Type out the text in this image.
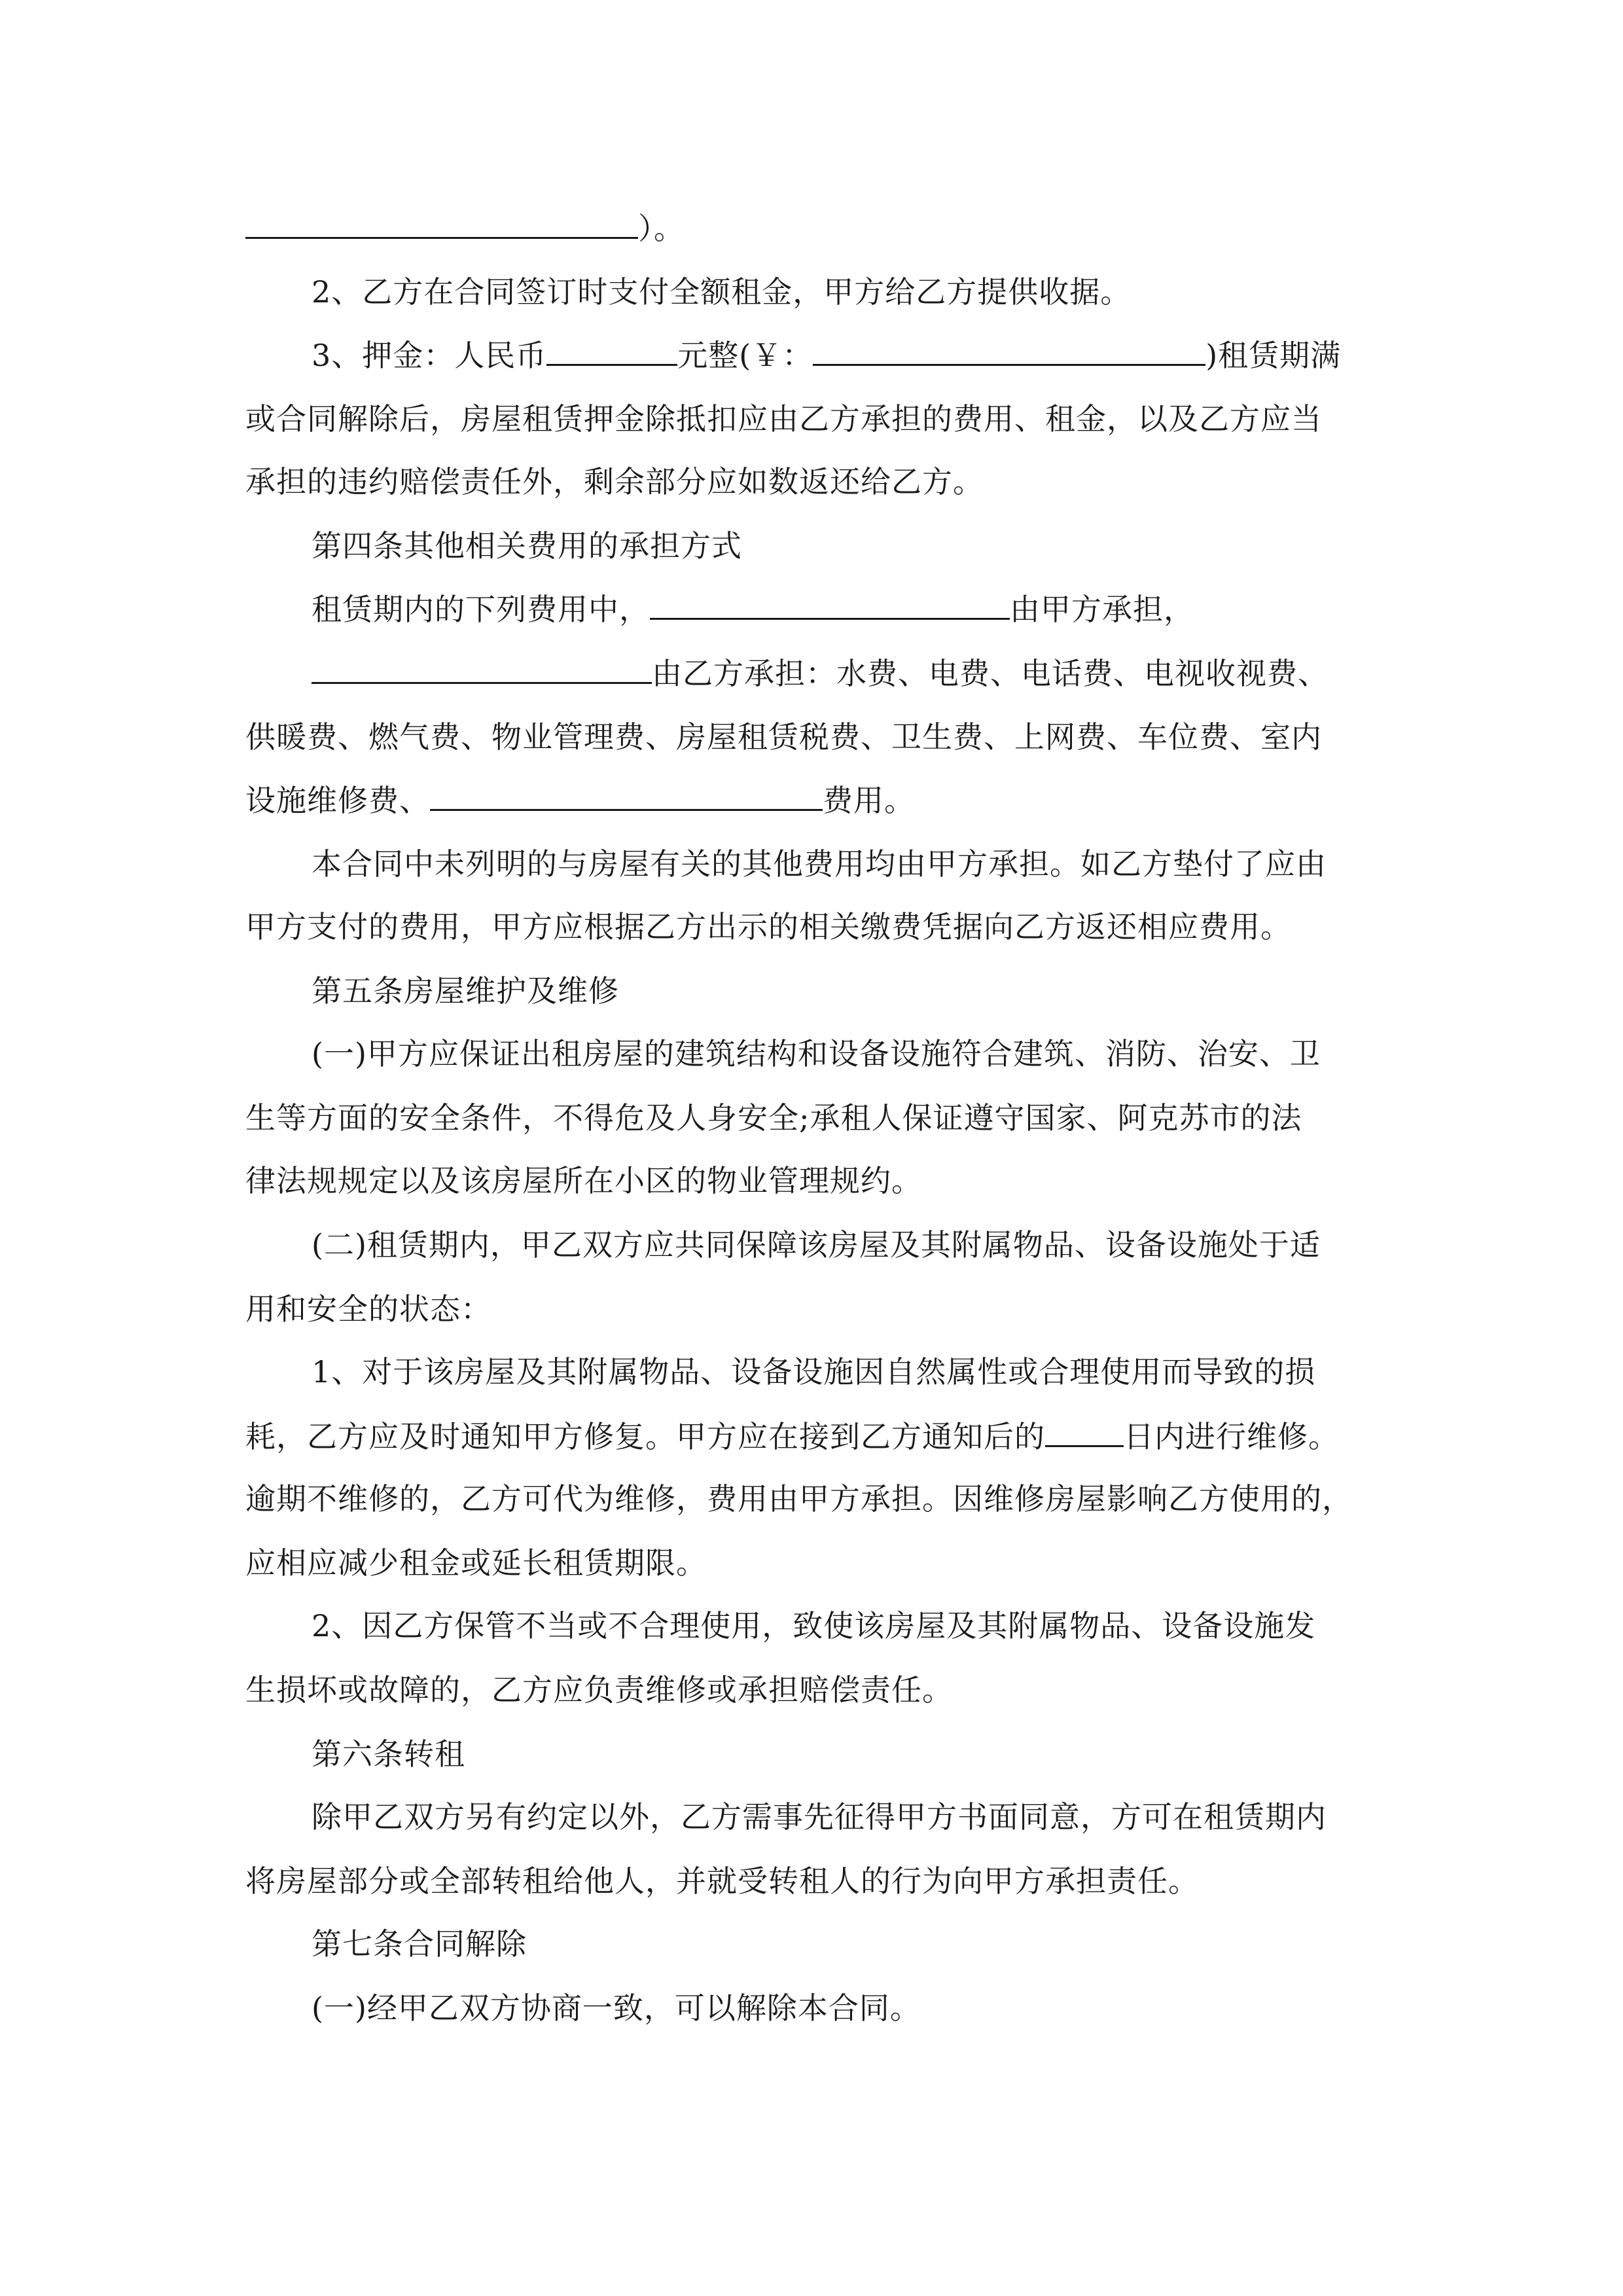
）。
2、乙方在合同签订时支付全额租金，甲方给乙方提供收据。
3、押金：人民币	元整(￥：	)租赁期满
或合同解除后，房屋租赁押金除抵扣应由乙方承担的费用、租金，以及乙方应当
承担的违约赔偿责任外，剩余部分应如数返还给乙方。
第四条其他相关费用的承担方式
租赁期内的下列费用中，	由甲方承担，
由乙方承担：水费、电费、电话费、电视收视费、
供暖费、燃气费、物业管理费、房屋租赁税费、卫生费、上网费、车位费、室内
设施维修费、	费用。
本合同中未列明的与房屋有关的其他费用均由甲方承担。如乙方垫付了应由
甲方支付的费用，甲方应根据乙方出示的相关缴费凭据向乙方返还相应费用。
第五条房屋维护及维修
(一)甲方应保证出租房屋的建筑结构和设备设施符合建筑、消防、治安、卫
生等方面的安全条件，不得危及人身安全;承租人保证遵守国家、阿克苏市的法
律法规规定以及该房屋所在小区的物业管理规约。
(二)租赁期内，甲乙双方应共同保障该房屋及其附属物品、设备设施处于适
用和安全的状态：
1、对于该房屋及其附属物品、设备设施因自然属性或合理使用而导致的损
耗，乙方应及时通知甲方修复。甲方应在接到乙方通知后的	日内进行维修。
逾期不维修的，乙方可代为维修，费用由甲方承担。因维修房屋影响乙方使用的，
应相应减少租金或延长租赁期限。
2、因乙方保管不当或不合理使用，致使该房屋及其附属物品、设备设施发
生损坏或故障的，乙方应负责维修或承担赔偿责任。
第六条转租
除甲乙双方另有约定以外，乙方需事先征得甲方书面同意，方可在租赁期内
将房屋部分或全部转租给他人，并就受转租人的行为向甲方承担责任。
第七条合同解除
(一)经甲乙双方协商一致，可以解除本合同。
